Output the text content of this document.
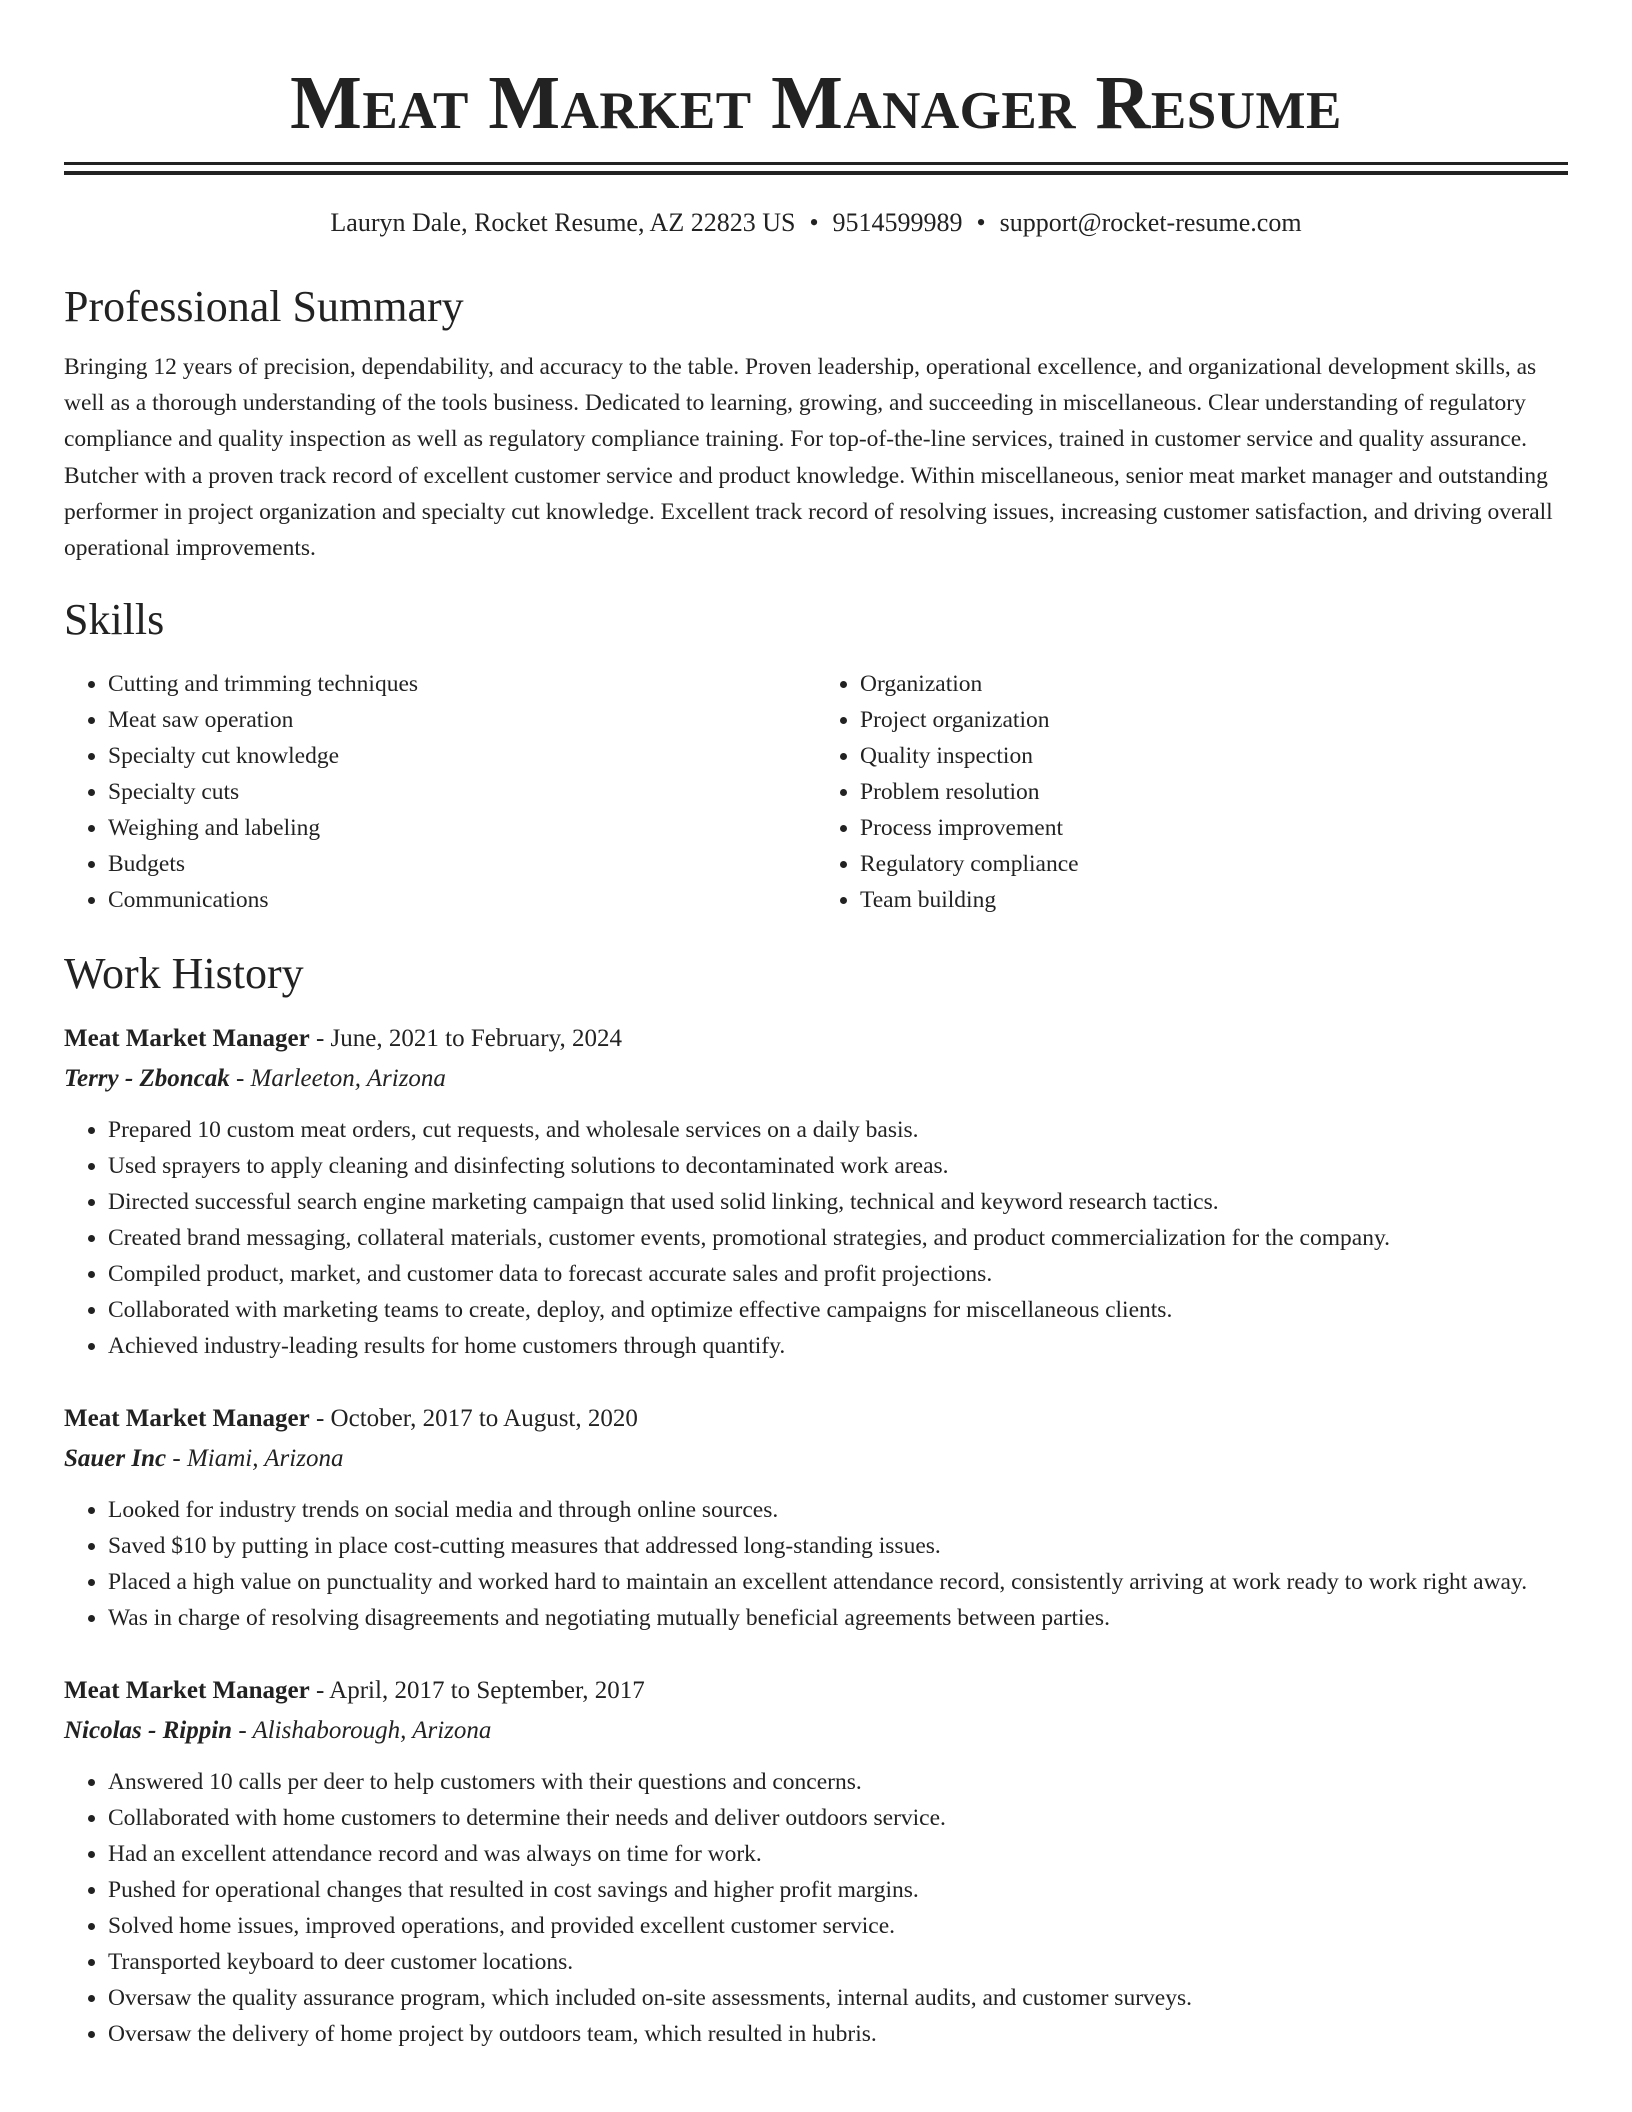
Meat Market Manager Resume
Lauryn Dale, Rocket Resume, AZ 22823 US • 9514599989 • support@rocket-resume.com
Professional Summary

Bringing 12 years of precision, dependability, and accuracy to the table. Proven leadership, operational excellence, and organizational development skills, as well as a thorough understanding of the tools business. Dedicated to learning, growing, and succeeding in miscellaneous. Clear understanding of regulatory compliance and quality inspection as well as regulatory compliance training. For top-of-the-line services, trained in customer service and quality assurance. Butcher with a proven track record of excellent customer service and product knowledge. Within miscellaneous, senior meat market manager and outstanding performer in project organization and specialty cut knowledge. Excellent track record of resolving issues, increasing customer satisfaction, and driving overall operational improvements.

Skills
• Cutting and trimming techniques
• Meat saw operation
• Specialty cut knowledge
• Specialty cuts
• Weighing and labeling
• Budgets
• Communications
• Organization
• Project organization
• Quality inspection
• Problem resolution
• Process improvement
• Regulatory compliance
• Team building
Work History
Meat Market Manager - June, 2021 to February, 2024
Terry - Zboncak - Marleeton, Arizona
• Prepared 10 custom meat orders, cut requests, and wholesale services on a daily basis.
• Used sprayers to apply cleaning and disinfecting solutions to decontaminated work areas.
• Directed successful search engine marketing campaign that used solid linking, technical and keyword research tactics.
• Created brand messaging, collateral materials, customer events, promotional strategies, and product commercialization for the company.
• Compiled product, market, and customer data to forecast accurate sales and profit projections.
• Collaborated with marketing teams to create, deploy, and optimize effective campaigns for miscellaneous clients.
• Achieved industry-leading results for home customers through quantify.
Meat Market Manager - October, 2017 to August, 2020
Sauer Inc - Miami, Arizona
• Looked for industry trends on social media and through online sources.
• Saved $10 by putting in place cost-cutting measures that addressed long-standing issues.
• Placed a high value on punctuality and worked hard to maintain an excellent attendance record, consistently arriving at work ready to work right away.
• Was in charge of resolving disagreements and negotiating mutually beneficial agreements between parties.
Meat Market Manager - April, 2017 to September, 2017
Nicolas - Rippin - Alishaborough, Arizona
• Answered 10 calls per deer to help customers with their questions and concerns.
• Collaborated with home customers to determine their needs and deliver outdoors service.
• Had an excellent attendance record and was always on time for work.
• Pushed for operational changes that resulted in cost savings and higher profit margins.
• Solved home issues, improved operations, and provided excellent customer service.
• Transported keyboard to deer customer locations.
• Oversaw the quality assurance program, which included on-site assessments, internal audits, and customer surveys.
• Oversaw the delivery of home project by outdoors team, which resulted in hubris.
